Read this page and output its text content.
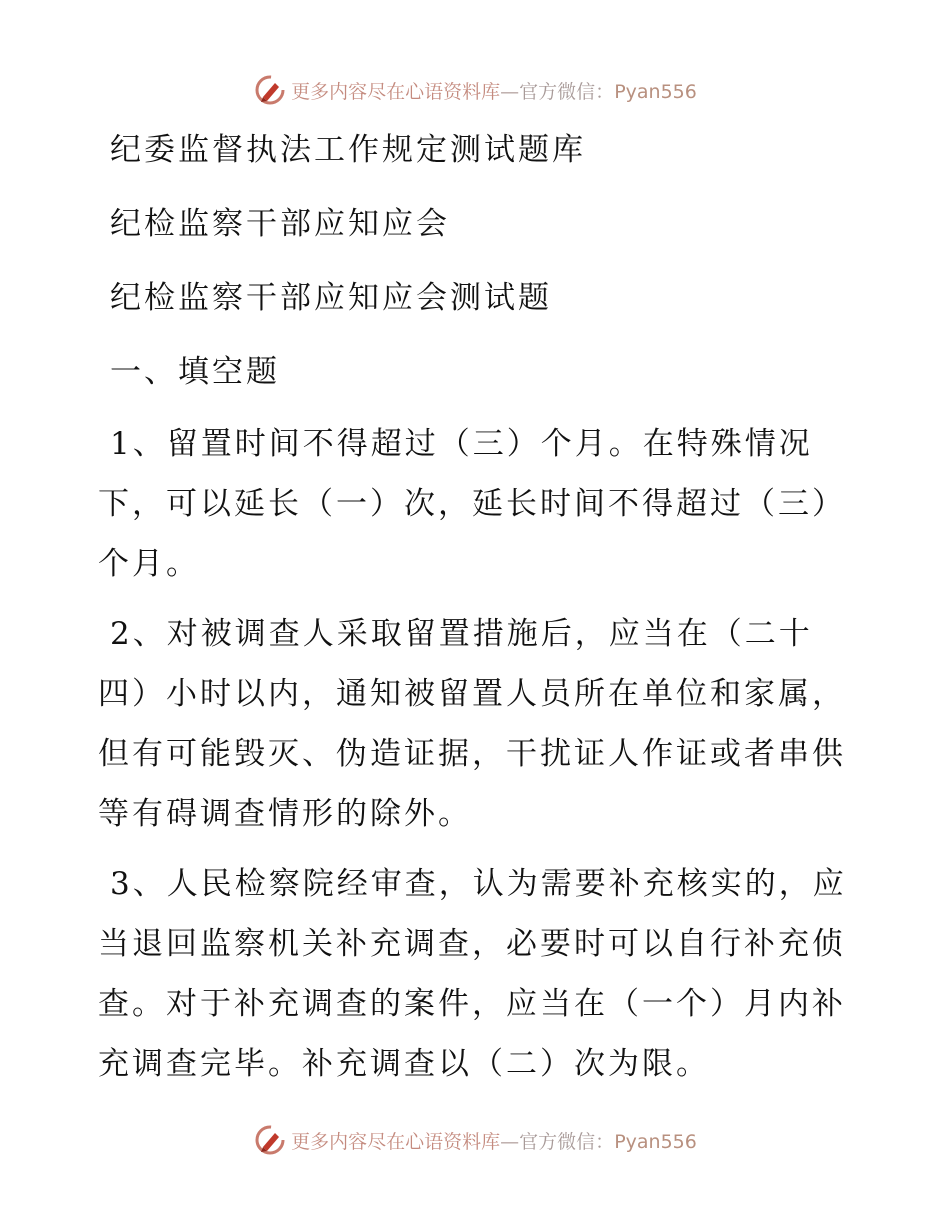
更多内容尽在心语资料库—官方微信：Pyan556
纪委监督执法工作规定测试题库
纪检监察干部应知应会
纪检监察干部应知应会测试题
一、填空题

1、留置时间不得超过（三）个月。在特殊情况下，可以延长（一）次，延长时间不得超过（三）个月。

2、对被调查人采取留置措施后，应当在（二十四）小时以内，通知被留置人员所在单位和家属，但有可能毁灭、伪造证据，干扰证人作证或者串供等有碍调查情形的除外。

3、人民检察院经审查，认为需要补充核实的，应当退回监察机关补充调查，必要时可以自行补充侦查。对于补充调查的案件，应当在（一个）月内补充调查完毕。补充调查以（二）次为限。

更多内容尽在心语资料库—官方微信：Pyan556
